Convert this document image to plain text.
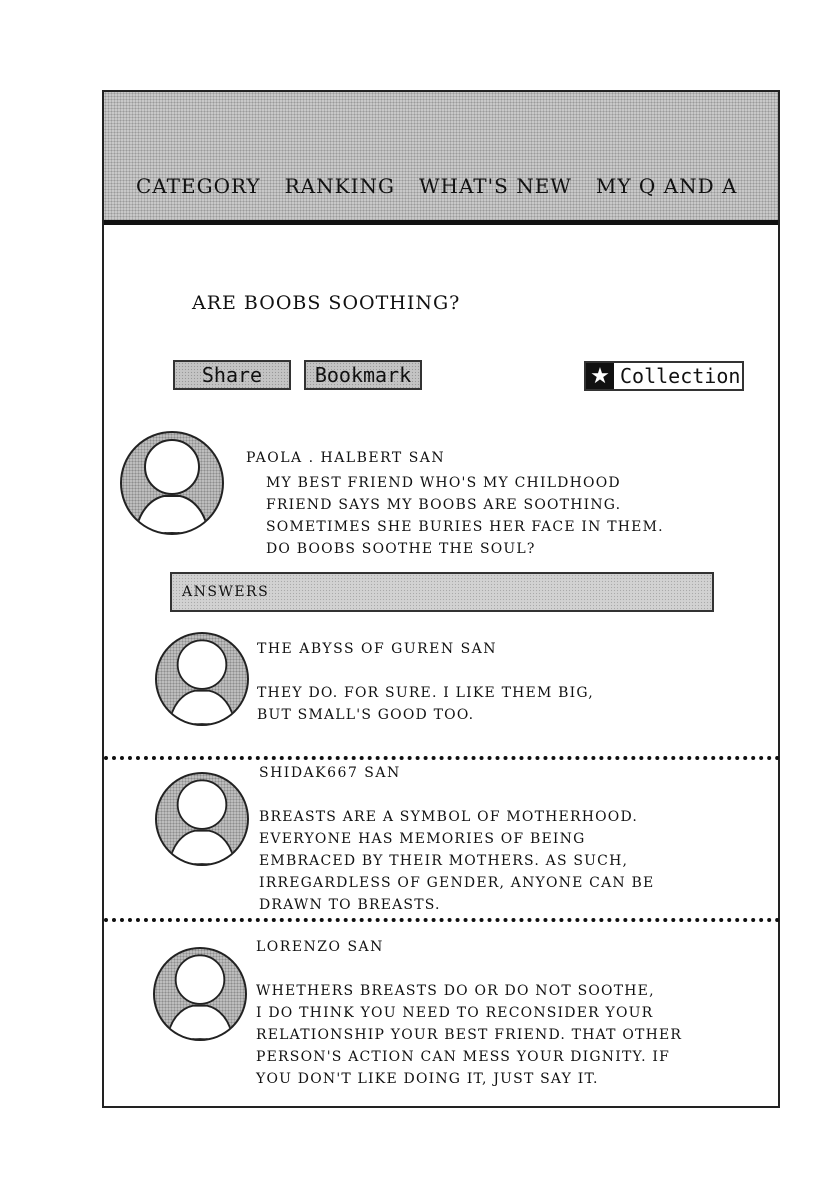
CATEGORY RANKING WHAT'S NEW MY Q AND A
ARE BOOBS SOOTHING?
Share	Bookmark	★ Collection
PAOLA . HALBERT SAN
MY BEST FRIEND WHO'S MY CHILDHOOD
FRIEND SAYS MY BOOBS ARE SOOTHING.
SOMETIMES SHE BURIES HER FACE IN THEM.
DO BOOBS SOOTHE THE SOUL?
ANSWERS
THE ABYSS OF GUREN SAN
THEY DO. FOR SURE. I LIKE THEM BIG,
BUT SMALL'S GOOD TOO.
SHIDAK667 SAN
BREASTS ARE A SYMBOL OF MOTHERHOOD.
EVERYONE HAS MEMORIES OF BEING
EMBRACED BY THEIR MOTHERS. AS SUCH,
IRREGARDLESS OF GENDER, ANYONE CAN BE
DRAWN TO BREASTS.
LORENZO SAN
WHETHERS BREASTS DO OR DO NOT SOOTHE,
I DO THINK YOU NEED TO RECONSIDER YOUR
RELATIONSHIP YOUR BEST FRIEND. THAT OTHER
PERSON'S ACTION CAN MESS YOUR DIGNITY. IF
YOU DON'T LIKE DOING IT, JUST SAY IT.
